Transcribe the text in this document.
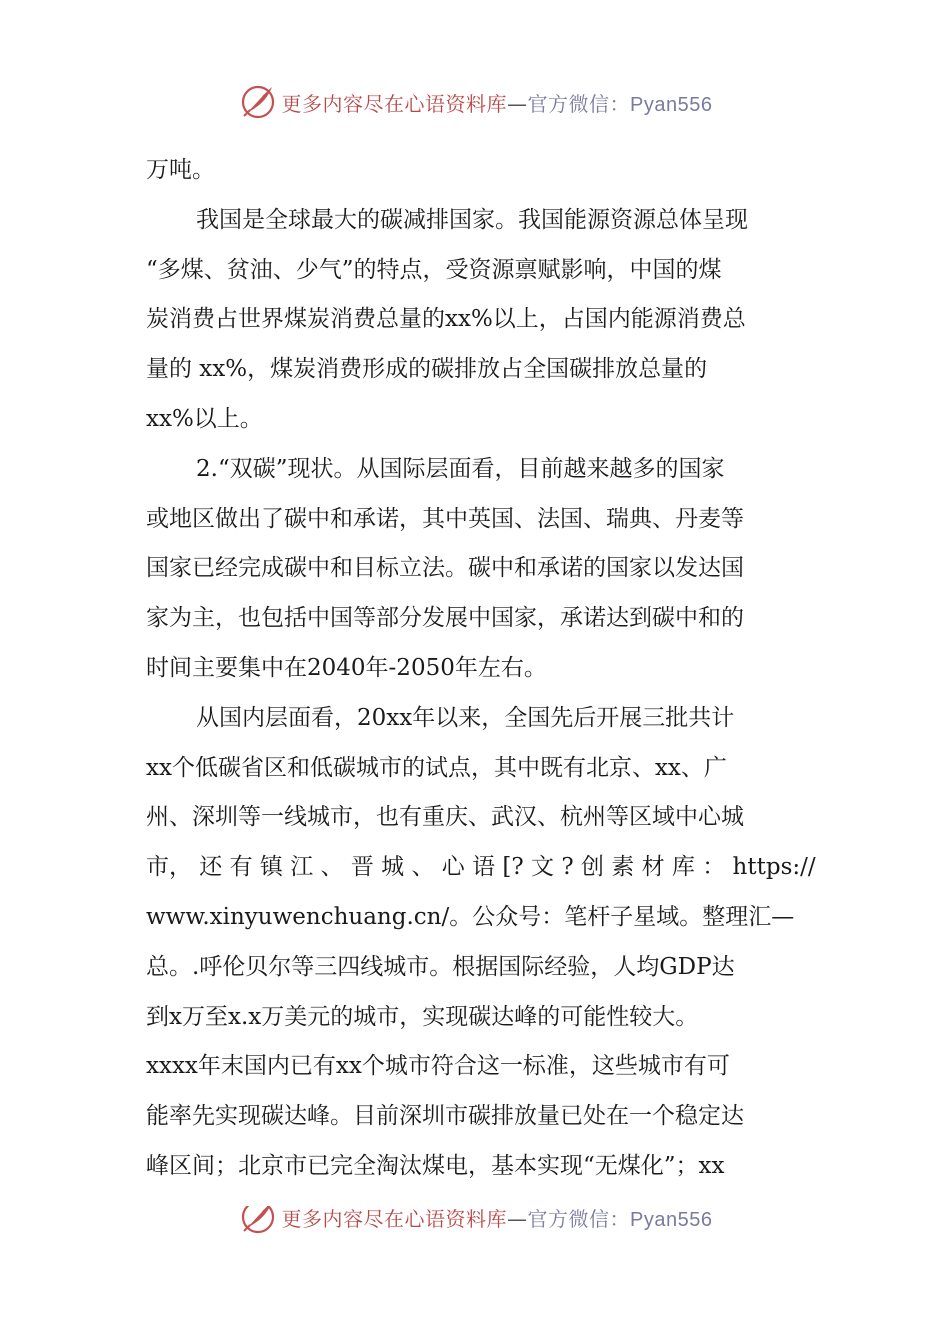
更多内容尽在心语资料库—官方微信：Pyan556
万吨。
我国是全球最大的碳减排国家。我国能源资源总体呈现
“多煤、贫油、少气”的特点，受资源禀赋影响，中国的煤
炭消费占世界煤炭消费总量的xx%以上，占国内能源消费总
量的 xx%，煤炭消费形成的碳排放占全国碳排放总量的
xx%以上。
2.“双碳”现状。从国际层面看，目前越来越多的国家
或地区做出了碳中和承诺，其中英国、法国、瑞典、丹麦等
国家已经完成碳中和目标立法。碳中和承诺的国家以发达国
家为主，也包括中国等部分发展中国家，承诺达到碳中和的
时间主要集中在2040年-2050年左右。
从国内层面看，20xx年以来，全国先后开展三批共计
xx个低碳省区和低碳城市的试点，其中既有北京、xx、广
州、深圳等一线城市，也有重庆、武汉、杭州等区域中心城
市， 还 有 镇 江 、 晋 城 、 心 语 [? 文 ? 创 素 材 库 ： https://
www.xinyuwenchuang.cn/。公众号：笔杆子星域。整理汇—
总。.呼伦贝尔等三四线城市。根据国际经验，人均GDP达
到x万至x.x万美元的城市，实现碳达峰的可能性较大。
xxxx年末国内已有xx个城市符合这一标准，这些城市有可
能率先实现碳达峰。目前深圳市碳排放量已处在一个稳定达
峰区间；北京市已完全淘汰煤电，基本实现“无煤化”；xx
更多内容尽在心语资料库—官方微信：Pyan556
